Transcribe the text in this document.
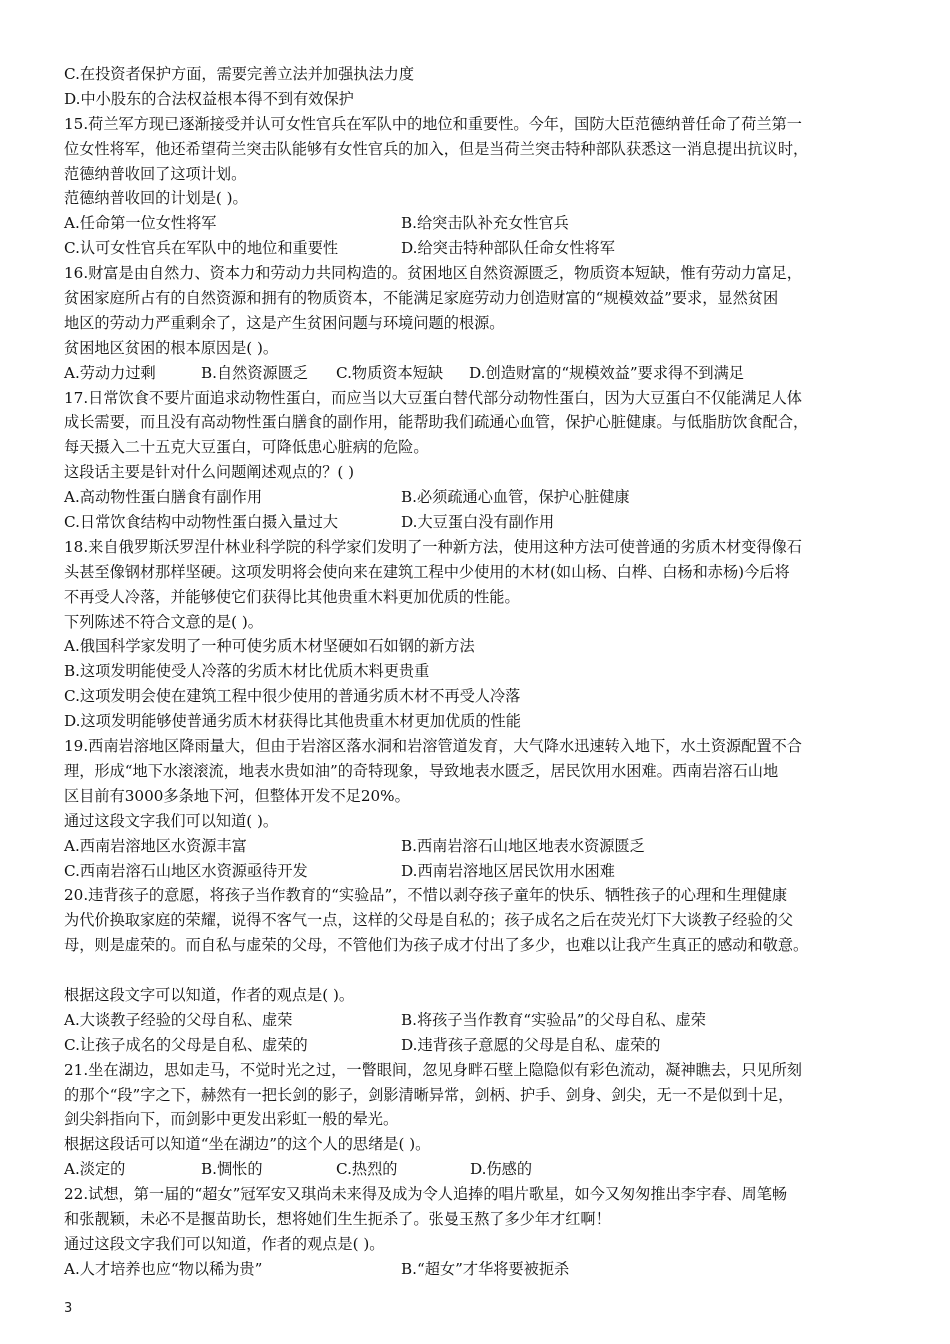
C.在投资者保护方面，需要完善立法并加强执法力度
D.中小股东的合法权益根本得不到有效保护
15.荷兰军方现已逐渐接受并认可女性官兵在军队中的地位和重要性。今年，国防大臣范德纳普任命了荷兰第一
位女性将军，他还希望荷兰突击队能够有女性官兵的加入，但是当荷兰突击特种部队获悉这一消息提出抗议时，
范德纳普收回了这项计划。
范德纳普收回的计划是( )。
A.任命第一位女性将军	B.给突击队补充女性官兵
C.认可女性官兵在军队中的地位和重要性	D.给突击特种部队任命女性将军
16.财富是由自然力、资本力和劳动力共同构造的。贫困地区自然资源匮乏，物质资本短缺，惟有劳动力富足，
贫困家庭所占有的自然资源和拥有的物质资本，不能满足家庭劳动力创造财富的“规模效益”要求，显然贫困
地区的劳动力严重剩余了，这是产生贫困问题与环境问题的根源。
贫困地区贫困的根本原因是( )。
A.劳动力过剩	B.自然资源匮乏	C.物质资本短缺	D.创造财富的“规模效益”要求得不到满足
17.日常饮食不要片面追求动物性蛋白，而应当以大豆蛋白替代部分动物性蛋白，因为大豆蛋白不仅能满足人体
成长需要，而且没有高动物性蛋白膳食的副作用，能帮助我们疏通心血管，保护心脏健康。与低脂肪饮食配合，
每天摄入二十五克大豆蛋白，可降低患心脏病的危险。
这段话主要是针对什么问题阐述观点的？( )
A.高动物性蛋白膳食有副作用	B.必须疏通心血管，保护心脏健康
C.日常饮食结构中动物性蛋白摄入量过大	D.大豆蛋白没有副作用
18.来自俄罗斯沃罗涅什林业科学院的科学家们发明了一种新方法，使用这种方法可使普通的劣质木材变得像石
头甚至像钢材那样坚硬。这项发明将会使向来在建筑工程中少使用的木材(如山杨、白桦、白杨和赤杨)今后将
不再受人冷落，并能够使它们获得比其他贵重木料更加优质的性能。
下列陈述不符合文意的是( )。
A.俄国科学家发明了一种可使劣质木材坚硬如石如钢的新方法
B.这项发明能使受人冷落的劣质木材比优质木料更贵重
C.这项发明会使在建筑工程中很少使用的普通劣质木材不再受人冷落
D.这项发明能够使普通劣质木材获得比其他贵重木材更加优质的性能
19.西南岩溶地区降雨量大，但由于岩溶区落水洞和岩溶管道发育，大气降水迅速转入地下，水土资源配置不合
理，形成“地下水滚滚流，地表水贵如油”的奇特现象，导致地表水匮乏，居民饮用水困难。西南岩溶石山地
区目前有3000多条地下河，但整体开发不足20%。
通过这段文字我们可以知道( )。
A.西南岩溶地区水资源丰富	B.西南岩溶石山地区地表水资源匮乏
C.西南岩溶石山地区水资源亟待开发	D.西南岩溶地区居民饮用水困难
20.违背孩子的意愿，将孩子当作教育的“实验品”，不惜以剥夺孩子童年的快乐、牺牲孩子的心理和生理健康
为代价换取家庭的荣耀，说得不客气一点，这样的父母是自私的；孩子成名之后在荧光灯下大谈教子经验的父
母，则是虚荣的。而自私与虚荣的父母，不管他们为孩子成才付出了多少，也难以让我产生真正的感动和敬意。
根据这段文字可以知道，作者的观点是( )。
A.大谈教子经验的父母自私、虚荣	B.将孩子当作教育“实验品”的父母自私、虚荣
C.让孩子成名的父母是自私、虚荣的	D.违背孩子意愿的父母是自私、虚荣的
21.坐在湖边，思如走马，不觉时光之过，一瞥眼间，忽见身畔石壁上隐隐似有彩色流动，凝神瞧去，只见所刻
的那个“段”字之下，赫然有一把长剑的影子，剑影清晰异常，剑柄、护手、剑身、剑尖，无一不是似到十足，
剑尖斜指向下，而剑影中更发出彩虹一般的晕光。
根据这段话可以知道“坐在湖边”的这个人的思绪是( )。
A.淡定的	B.惆怅的	C.热烈的	D.伤感的
22.试想，第一届的“超女”冠军安又琪尚未来得及成为令人追捧的唱片歌星，如今又匆匆推出李宇春、周笔畅
和张靓颖，未必不是揠苗助长，想将她们生生扼杀了。张曼玉熬了多少年才红啊！
通过这段文字我们可以知道，作者的观点是( )。
A.人才培养也应“物以稀为贵”	B.“超女”才华将要被扼杀
3
